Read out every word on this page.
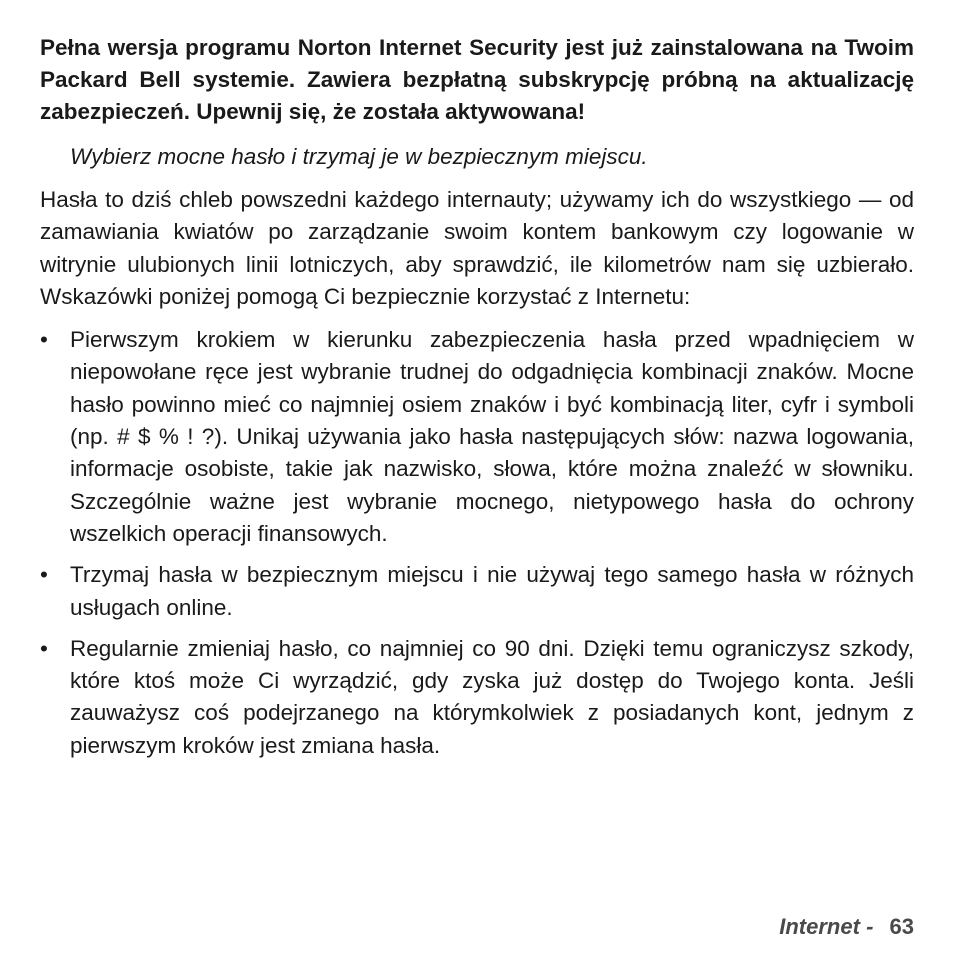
Pełna wersja programu Norton Internet Security jest już zainstalowana na Twoim Packard Bell systemie. Zawiera bezpłatną subskrypcję próbną na aktualizację zabezpieczeń. Upewnij się, że została aktywowana!

Wybierz mocne hasło i trzymaj je w bezpiecznym miejscu.

Hasła to dziś chleb powszedni każdego internauty; używamy ich do wszystkiego — od zamawiania kwiatów po zarządzanie swoim kontem bankowym czy logowanie w witrynie ulubionych linii lotniczych, aby sprawdzić, ile kilometrów nam się uzbierało. Wskazówki poniżej pomogą Ci bezpiecznie korzystać z Internetu:

• Pierwszym krokiem w kierunku zabezpieczenia hasła przed wpadnięciem w niepowołane ręce jest wybranie trudnej do odgadnięcia kombinacji znaków. Mocne hasło powinno mieć co najmniej osiem znaków i być kombinacją liter, cyfr i symboli (np. # $ % ! ?). Unikaj używania jako hasła następujących słów: nazwa logowania, informacje osobiste, takie jak nazwisko, słowa, które można znaleźć w słowniku. Szczególnie ważne jest wybranie mocnego, nietypowego hasła do ochrony wszelkich operacji finansowych.
• Trzymaj hasła w bezpiecznym miejscu i nie używaj tego samego hasła w różnych usługach online.
• Regularnie zmieniaj hasło, co najmniej co 90 dni. Dzięki temu ograniczysz szkody, które ktoś może Ci wyrządzić, gdy zyska już dostęp do Twojego konta. Jeśli zauważysz coś podejrzanego na którymkolwiek z posiadanych kont, jednym z pierwszym kroków jest zmiana hasła.
Internet - 63
